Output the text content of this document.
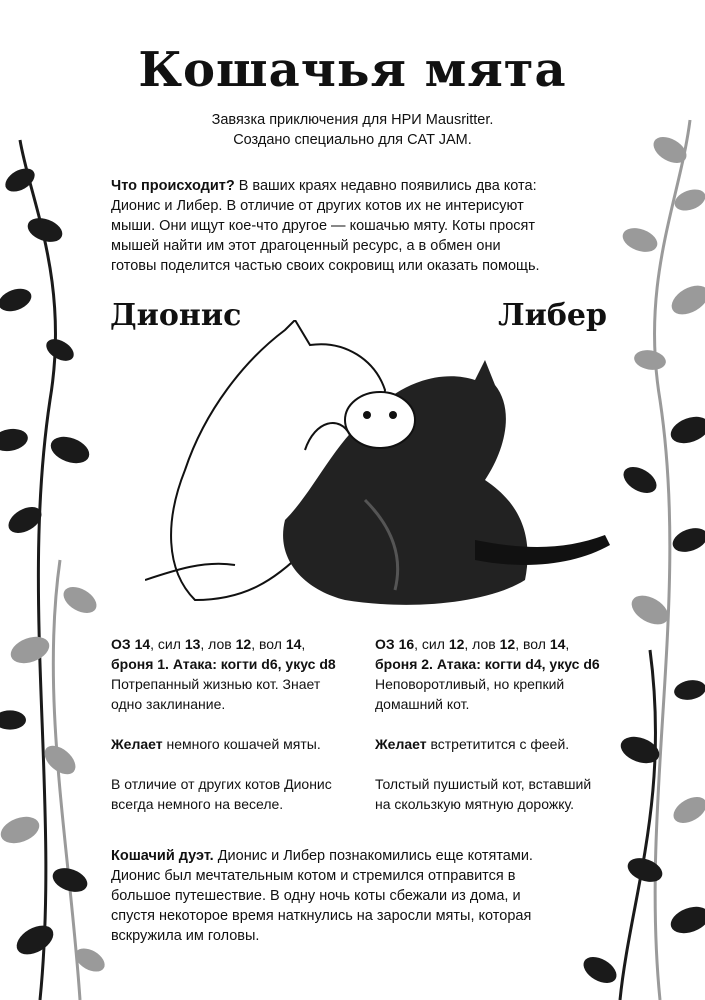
Кошачья мята
Завязка приключения для НРИ Mausritter.
Создано специально для CAT JAM.
Что происходит? В ваших краях недавно появились два кота:
Дионис и Либер. В отличие от других котов их не интерисуют
мыши. Они ищут кое-что другое — кошачью мяту. Коты просят
мышей найти им этот драгоценный ресурс, а в обмен они
готовы поделится частью своих сокровищ или оказать помощь.
Дионис	Либер
ОЗ 14, сил 13, лов 12, вол 14,
броня 1. Атака: когти d6, укус d8
Потрепанный жизнью кот. Знает
одно заклинание.
Желает немного кошачей мяты.
В отличие от других котов Дионис
всегда немного на веселе.
ОЗ 16, сил 12, лов 12, вол 14,
броня 2. Атака: когти d4, укус d6
Неповоротливый, но крепкий
домашний кот.
Желает встретитится с феей.
Толстый пушистый кот, вставший
на скользкую мятную дорожку.
Кошачий дуэт. Дионис и Либер познакомились еще котятами.
Дионис был мечтательным котом и стремился отправится в
большое путешествие. В одну ночь коты сбежали из дома, и
спустя некоторое время наткнулись на заросли мяты, которая
вскружила им головы.
